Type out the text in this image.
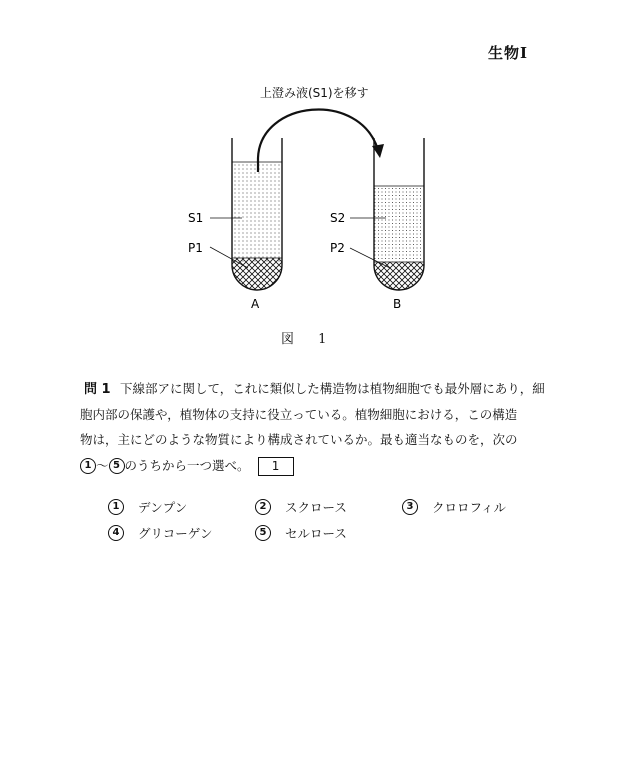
生物Ⅰ
上澄み液(S1)を移す
S1
P1
S2
P2
A	B
図 1
問 1 下線部アに関して，これに類似した構造物は植物細胞でも最外層にあり，細
胞内部の保護や，植物体の支持に役立っている。植物細胞における，この構造
物は，主にどのような物質により構成されているか。最も適当なものを，次の
1 〜 5 のうちから一つ選べ。 1
1	デンプン	2	スクロース	3	クロロフィル
4	グリコーゲン	5	セルロース
